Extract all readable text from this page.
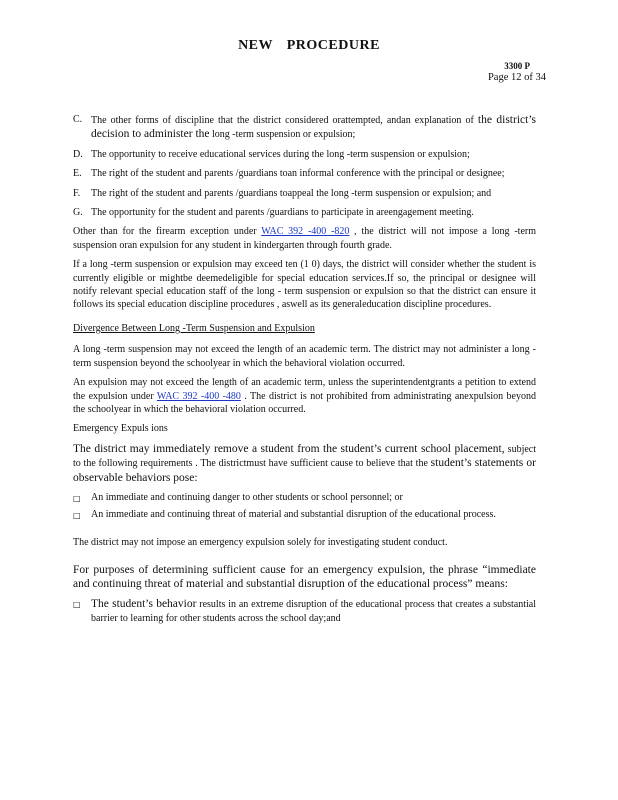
NEW PROCEDURE
3300 P
Page 12 of 34
C. The other forms of discipline that the district considered orattempted, andan explanation of the district’s decision to administer the long -term suspension or expulsion;
D. The opportunity to receive educational services during the long -term suspension or expulsion;
E. The right of the student and parents /guardians toan informal conference with the principal or designee;
F. The right of the student and parents /guardians toappeal the long -term suspension or expulsion; and
G. The opportunity for the student and parents /guardians to participate in areengagement meeting.
Other than for the firearm exception under WAC 392 -400 -820 , the district will not impose a long -term suspension oran expulsion for any student in kindergarten through fourth grade.
If a long -term suspension or expulsion may exceed ten (1 0) days, the district will consider whether the student is currently eligible or mightbe deemedeligible for special education services.If so, the principal or designee will notify relevant special education staff of the long - term suspension or expulsion so that the district can ensure it follows its special education discipline procedures , aswell as its generaleducation discipline procedures.
Divergence Between Long -Term Suspension and Expulsion
A long -term suspension may not exceed the length of an academic term. The district may not administer a long -term suspension beyond the schoolyear in which the behavioral violation occurred.
An expulsion may not exceed the length of an academic term, unless the superintendentgrants a petition to extend the expulsion under WAC 392 -400 -480 . The district is not prohibited from administrating anexpulsion beyond the schoolyear in which the behavioral violation occurred.
Emergency Expuls ions
The district may immediately remove a student from the student’s current school placement, subject to the following requirements . The districtmust have sufficient cause to believe that the student’s statements or observable behaviors pose:
□ An immediate and continuing danger to other students or school personnel; or
□ An immediate and continuing threat of material and substantial disruption of the educational process.
The district may not impose an emergency expulsion solely for investigating student conduct.
For purposes of determining sufficient cause for an emergency expulsion, the phrase “immediate and continuing threat of material and substantial disruption of the educational process” means:
□ The student’s behavior results in an extreme disruption of the educational process that creates a substantial barrier to learning for other students across the school day;and
